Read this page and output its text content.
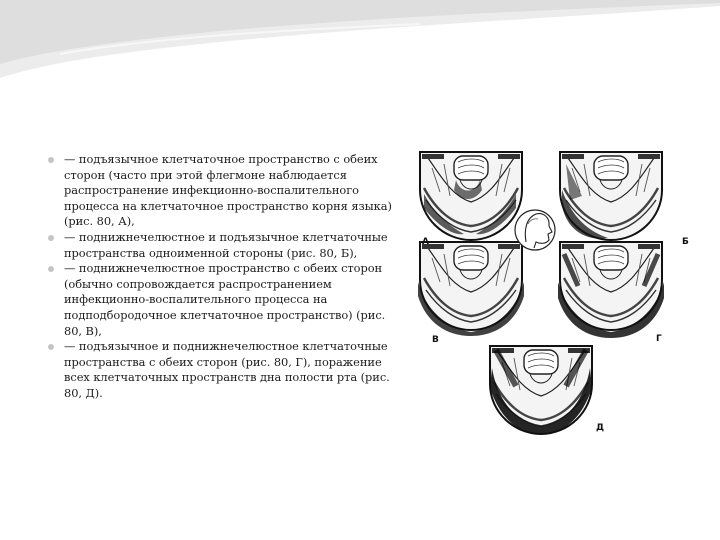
— подъязычное клетчаточное пространство с обеих сторон (часто при этой флегмоне наблюдается распространение инфекционно-воспалительного процесса на клетчаточное пространство корня языка) (рис. 80, А),
— поднижнечелюстное и подъязычное клетчаточные пространства одноименной стороны (рис. 80, Б),
— поднижнечелюстное пространство с обеих сторон (обычно сопровождается распространением инфекционно-воспалительного процесса на подподбородочное клетчаточное пространство) (рис. 80, В),
— подъязычное и поднижнечелюстное клетчаточные пространства с обеих сторон (рис. 80, Г), поражение всех клетчаточных пространств дна полости рта (рис. 80, Д).
А	Б
В	Г
Д
